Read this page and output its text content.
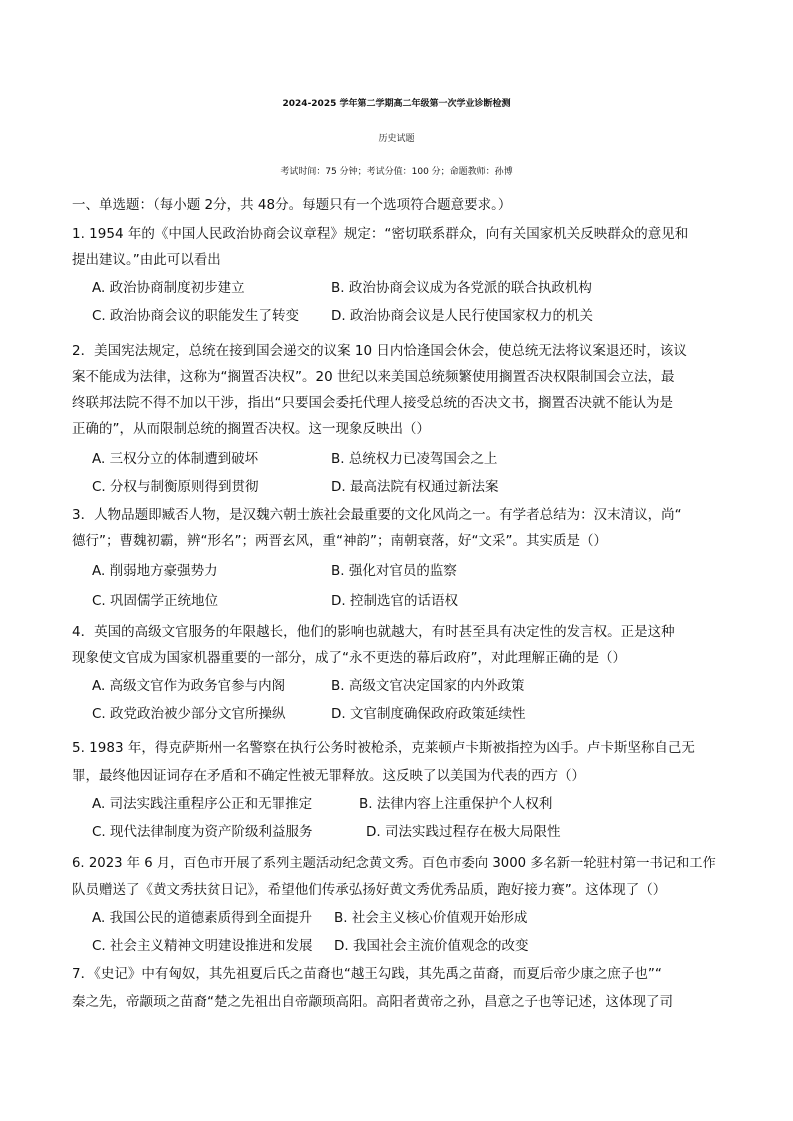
2024-2025 学年第二学期高二年级第一次学业诊断检测
历史试题
考试时间：75 分钟；考试分值：100 分；命题教师：孙博
一、单选题：（每小题 2分，共 48分。每题只有一个选项符合题意要求。）
1. 1954 年的《中国人民政治协商会议章程》规定：“密切联系群众，向有关国家机关反映群众的意见和
提出建议。”由此可以看出
A. 政治协商制度初步建立	B. 政治协商会议成为各党派的联合执政机构
C. 政治协商会议的职能发生了转变 D. 政治协商会议是人民行使国家权力的机关
2．美国宪法规定，总统在接到国会递交的议案 10 日内恰逢国会休会，使总统无法将议案退还时，该议
案不能成为法律，这称为“搁置否决权”。20 世纪以来美国总统频繁使用搁置否决权限制国会立法，最
终联邦法院不得不加以干涉，指出“只要国会委托代理人接受总统的否决文书，搁置否决就不能认为是
正确的”，从而限制总统的搁置否决权。这一现象反映出（）
A. 三权分立的体制遭到破坏	B. 总统权力已凌驾国会之上
C. 分权与制衡原则得到贯彻	D. 最高法院有权通过新法案
3．人物品题即臧否人物，是汉魏六朝士族社会最重要的文化风尚之一。有学者总结为：汉末清议，尚“
德行”；曹魏初霸，辨“形名”；两晋玄风，重“神韵”；南朝衰落，好“文采”。其实质是（）
A. 削弱地方豪强势力	B. 强化对官员的监察
C. 巩固儒学正统地位	D. 控制选官的话语权
4．英国的高级文官服务的年限越长，他们的影响也就越大，有时甚至具有决定性的发言权。正是这种
现象使文官成为国家机器重要的一部分，成了“永不更迭的幕后政府”，对此理解正确的是（）
A. 高级文官作为政务官参与内阁	B. 高级文官决定国家的内外政策
C. 政党政治被少部分文官所操纵	D. 文官制度确保政府政策延续性
5. 1983 年，得克萨斯州一名警察在执行公务时被枪杀，克莱顿卢卡斯被指控为凶手。卢卡斯坚称自己无
罪，最终他因证词存在矛盾和不确定性被无罪释放。这反映了以美国为代表的西方（）
A. 司法实践注重程序公正和无罪推定	B. 法律内容上注重保护个人权利
C. 现代法律制度为资产阶级利益服务	D. 司法实践过程存在极大局限性
6. 2023 年 6 月，百色市开展了系列主题活动纪念黄文秀。百色市委向 3000 多名新一轮驻村第一书记和工作
队员赠送了《黄文秀扶贫日记》，希望他们传承弘扬好黄文秀优秀品质，跑好接力赛”。这体现了（）
A. 我国公民的道德素质得到全面提升 B. 社会主义核心价值观开始形成
C. 社会主义精神文明建设推进和发展 D. 我国社会主流价值观念的改变
7．《史记》中有匈奴，其先祖夏后氏之苗裔也“越王勾践，其先禹之苗裔，而夏后帝少康之庶子也”“
秦之先，帝颛顼之苗裔“楚之先祖出自帝颛顼高阳。高阳者黄帝之孙，昌意之子也等记述，这体现了司
